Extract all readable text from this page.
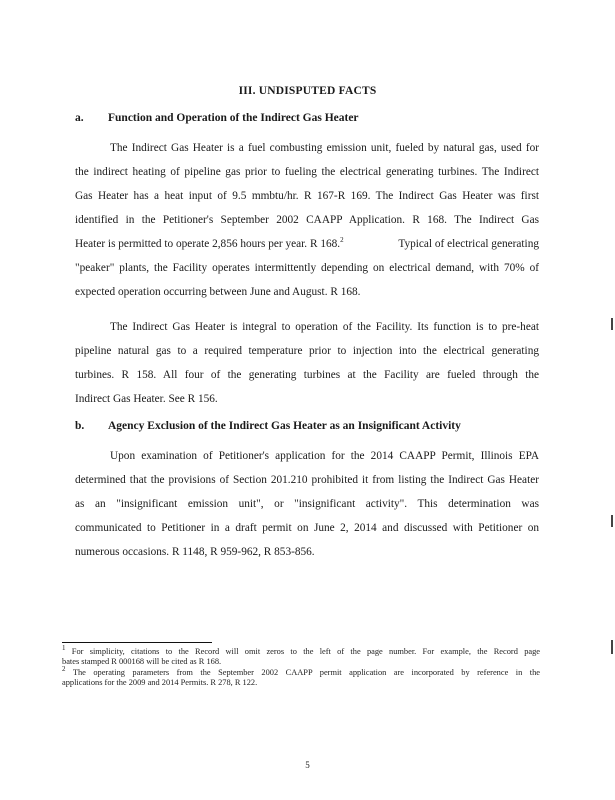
III. UNDISPUTED FACTS
a. Function and Operation of the Indirect Gas Heater
The Indirect Gas Heater is a fuel combusting emission unit, fueled by natural gas, used for
the indirect heating of pipeline gas prior to fueling the electrical generating turbines. The Indirect
Gas Heater has a heat input of 9.5 mmbtu/hr. R 167-R 169. The Indirect Gas Heater was first
identified in the Petitioner's September 2002 CAAPP Application. R 168. The Indirect Gas
Heater is permitted to operate 2,856 hours per year. R 168.$^2$	Typical of electrical generating
"peaker" plants, the Facility operates intermittently depending on electrical demand, with 70% of
expected operation occurring between June and August. R 168.
The Indirect Gas Heater is integral to operation of the Facility. Its function is to pre-heat
pipeline natural gas to a required temperature prior to injection into the electrical generating
turbines. R 158. All four of the generating turbines at the Facility are fueled through the
Indirect Gas Heater. See R 156.
b. Agency Exclusion of the Indirect Gas Heater as an Insignificant Activity
Upon examination of Petitioner's application for the 2014 CAAPP Permit, Illinois EPA
determined that the provisions of Section 201.210 prohibited it from listing the Indirect Gas Heater
as an "insignificant emission unit", or "insignificant activity". This determination was
communicated to Petitioner in a draft permit on June 2, 2014 and discussed with Petitioner on
numerous occasions. R 1148, R 959-962, R 853-856.
$^1$ For simplicity, citations to the Record will omit zeros to the left of the page number. For example, the Record page
bates stamped R 000168 will be cited as R 168.
$^2$ The operating parameters from the September 2002 CAAPP permit application are incorporated by reference in the
applications for the 2009 and 2014 Permits. R 278, R 122.
5
